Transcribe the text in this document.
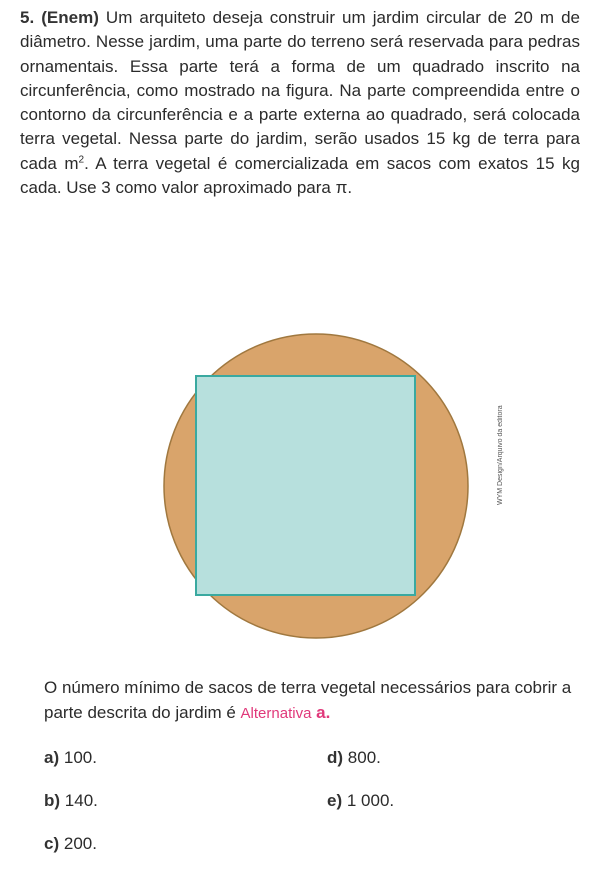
5. (Enem) Um arquiteto deseja construir um jardim circular de 20 m de diâmetro. Nesse jardim, uma parte do terreno será reservada para pedras ornamentais. Essa parte terá a forma de um quadrado inscrito na circunferência, como mostrado na figura. Na parte compreendida entre o contorno da circunferência e a parte externa ao quadrado, será colocada terra vegetal. Nessa parte do jardim, serão usados 15 kg de terra para cada $m^2$. A terra vegetal é comercializada em sacos com exatos 15 kg cada. Use 3 como valor aproximado para π.
WYM Design/Arquivo da editora
O número mínimo de sacos de terra vegetal necessários para cobrir a parte descrita do jardim é Alternativa a.
a) 100.
b) 140.
c) 200.
d) 800.
e) 1 000.
